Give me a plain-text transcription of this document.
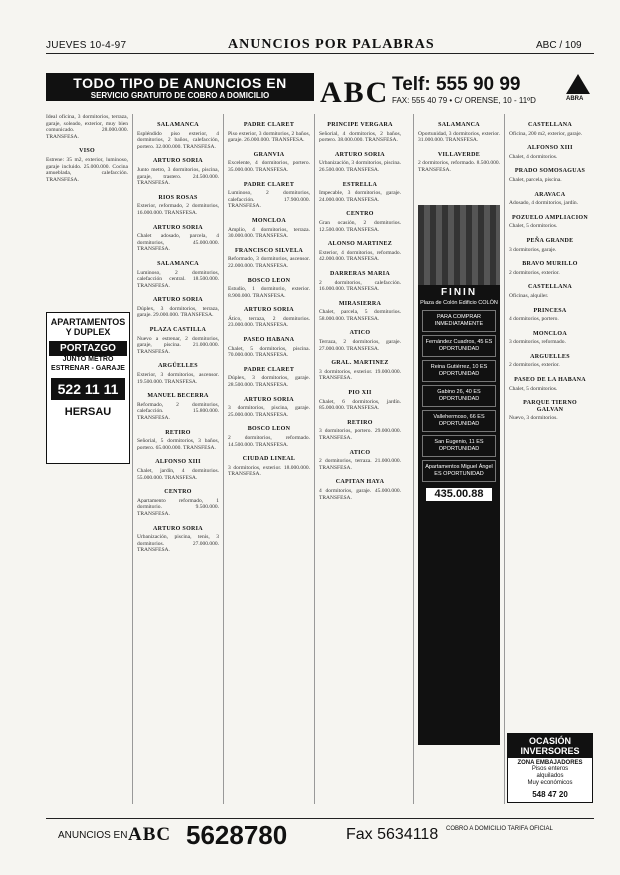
JUEVES 10-4-97	ANUNCIOS POR PALABRAS	ABC / 109
TODO TIPO DE ANUNCIOS EN
SERVICIO GRATUITO DE COBRO A DOMICILIO	ABC Telf: 555 90 99
FAX: 555 40 79 • C/ ORENSE, 10 - 11ºD	ABRA
Ideal oficina, 3 dormitorios, terraza, garaje, soleado, exterior, muy bien comunicado. 28.000.000. TRANSFESA.
VISO
Estrene: 35 m2, exterior, luminoso, garaje incluido. 25.000.000. Cocina amueblada, calefacción. TRANSFESA.
SALAMANCA
Espléndido piso exterior, 4 dormitorios, 2 baños, calefacción, portero. 32.000.000. TRANSFESA.
ARTURO SORIA
Junto metro, 3 dormitorios, piscina, garaje, trastero. 24.500.000. TRANSFESA.
RIOS ROSAS
Exterior, reformado, 2 dormitorios, 16.000.000. TRANSFESA.
ARTURO SORIA
Chalet adosado, parcela, 4 dormitorios, 45.000.000. TRANSFESA.
SALAMANCA
Luminoso, 2 dormitorios, calefacción central. 18.500.000. TRANSFESA.
ARTURO SORIA
Dúplex, 3 dormitorios, terraza, garaje. 29.000.000. TRANSFESA.
PLAZA CASTILLA
Nuevo a estrenar, 2 dormitorios, garaje, piscina. 21.000.000. TRANSFESA.
ARGÜELLES
Exterior, 3 dormitorios, ascensor. 19.500.000. TRANSFESA.
MANUEL BECERRA
Reformado, 2 dormitorios, calefacción. 15.800.000. TRANSFESA.
RETIRO
Señorial, 5 dormitorios, 3 baños, portero. 65.000.000. TRANSFESA.
ALFONSO XIII
Chalet, jardín, 4 dormitorios. 55.000.000. TRANSFESA.
CENTRO
Apartamento reformado, 1 dormitorio. 9.500.000. TRANSFESA.
ARTURO SORIA
Urbanización, piscina, tenis, 3 dormitorios. 27.000.000. TRANSFESA.
PADRE CLARET
Piso exterior, 3 dormitorios, 2 baños, garaje. 26.000.000. TRANSFESA.
GRANVIA
Excelente, 4 dormitorios, portero. 35.000.000. TRANSFESA.
PADRE CLARET
Luminoso, 2 dormitorios, calefacción. 17.900.000. TRANSFESA.
MONCLOA
Amplio, 4 dormitorios, terraza. 30.000.000. TRANSFESA.
FRANCISCO SILVELA
Reformado, 3 dormitorios, ascensor. 22.000.000. TRANSFESA.
BOSCO LEON
Estudio, 1 dormitorio, exterior. 8.900.000. TRANSFESA.
ARTURO SORIA
Ático, terraza, 2 dormitorios. 23.000.000. TRANSFESA.
PASEO HABANA
Chalet, 5 dormitorios, piscina. 70.000.000. TRANSFESA.
PADRE CLARET
Dúplex, 3 dormitorios, garaje. 28.500.000. TRANSFESA.
ARTURO SORIA
3 dormitorios, piscina, garaje. 25.000.000. TRANSFESA.
BOSCO LEON
2 dormitorios, reformado. 14.500.000. TRANSFESA.
CIUDAD LINEAL
3 dormitorios, exterior. 18.000.000. TRANSFESA.
PRINCIPE VERGARA
Señorial, 4 dormitorios, 2 baños, portero. 38.000.000. TRANSFESA.
ARTURO SORIA
Urbanización, 3 dormitorios, piscina. 26.500.000. TRANSFESA.
ESTRELLA
Impecable, 3 dormitorios, garaje. 24.000.000. TRANSFESA.
CENTRO
Gran ocasión, 2 dormitorios. 12.500.000. TRANSFESA.
ALONSO MARTINEZ
Exterior, 4 dormitorios, reformado. 42.000.000. TRANSFESA.
DARRERAS MARIA
2 dormitorios, calefacción. 16.000.000. TRANSFESA.
MIRASIERRA
Chalet, parcela, 5 dormitorios. 58.000.000. TRANSFESA.
ATICO
Terraza, 2 dormitorios, garaje. 27.000.000. TRANSFESA.
GRAL. MARTINEZ
3 dormitorios, exterior. 19.000.000. TRANSFESA.
PIO XII
Chalet, 6 dormitorios, jardín. 85.000.000. TRANSFESA.
RETIRO
3 dormitorios, portero. 29.000.000. TRANSFESA.
ATICO
2 dormitorios, terraza. 21.000.000. TRANSFESA.
CAPITAN HAYA
4 dormitorios, garaje. 45.000.000. TRANSFESA.
SALAMANCA
Oportunidad, 3 dormitorios, exterior. 31.000.000. TRANSFESA.
VILLAVERDE
2 dormitorios, reformado. 8.500.000. TRANSFESA.
CASTELLANA
Oficina, 200 m2, exterior, garaje.
ALFONSO XIII
Chalet, 4 dormitorios.
PRADO SOMOSAGUAS
Chalet, parcela, piscina.
ARAVACA
Adosado, 4 dormitorios, jardín.
POZUELO AMPLIACION
Chalet, 5 dormitorios.
PEÑA GRANDE
3 dormitorios, garaje.
BRAVO MURILLO
2 dormitorios, exterior.
CASTELLANA
Oficinas, alquiler.
PRINCESA
4 dormitorios, portero.
MONCLOA
3 dormitorios, reformado.
ARGUELLES
2 dormitorios, exterior.
PASEO DE LA HABANA
Chalet, 5 dormitorios.
PARQUE TIERNO GALVAN
Nuevo, 3 dormitorios.
APARTAMENTOS Y DUPLEX
PORTAZGO
JUNTO METRO
ESTRENAR - GARAJE
522 11 11
HERSAU
FININ
Plaza de Colón Edificio COLÓN
PARA COMPRAR INMEDIATAMENTE
Fernández Cuadros, 45 ES OPORTUNIDAD
Reina Gutiérrez, 10 ES OPORTUNIDAD
Gabino 26, 40 ES OPORTUNIDAD
Vallehermoso, 66 ES OPORTUNIDAD
San Eugenio, 11 ES OPORTUNIDAD
Apartamentos Miguel Ángel ES OPORTUNIDAD
435.00.88
OCASIÓN INVERSORES
ZONA EMBAJADORES
Pisos enteros
alquilados
Muy económicos
548 47 20
ANUNCIOS EN ABC 5628780	Fax 5634118 COBRO A DOMICILIO TARIFA OFICIAL
